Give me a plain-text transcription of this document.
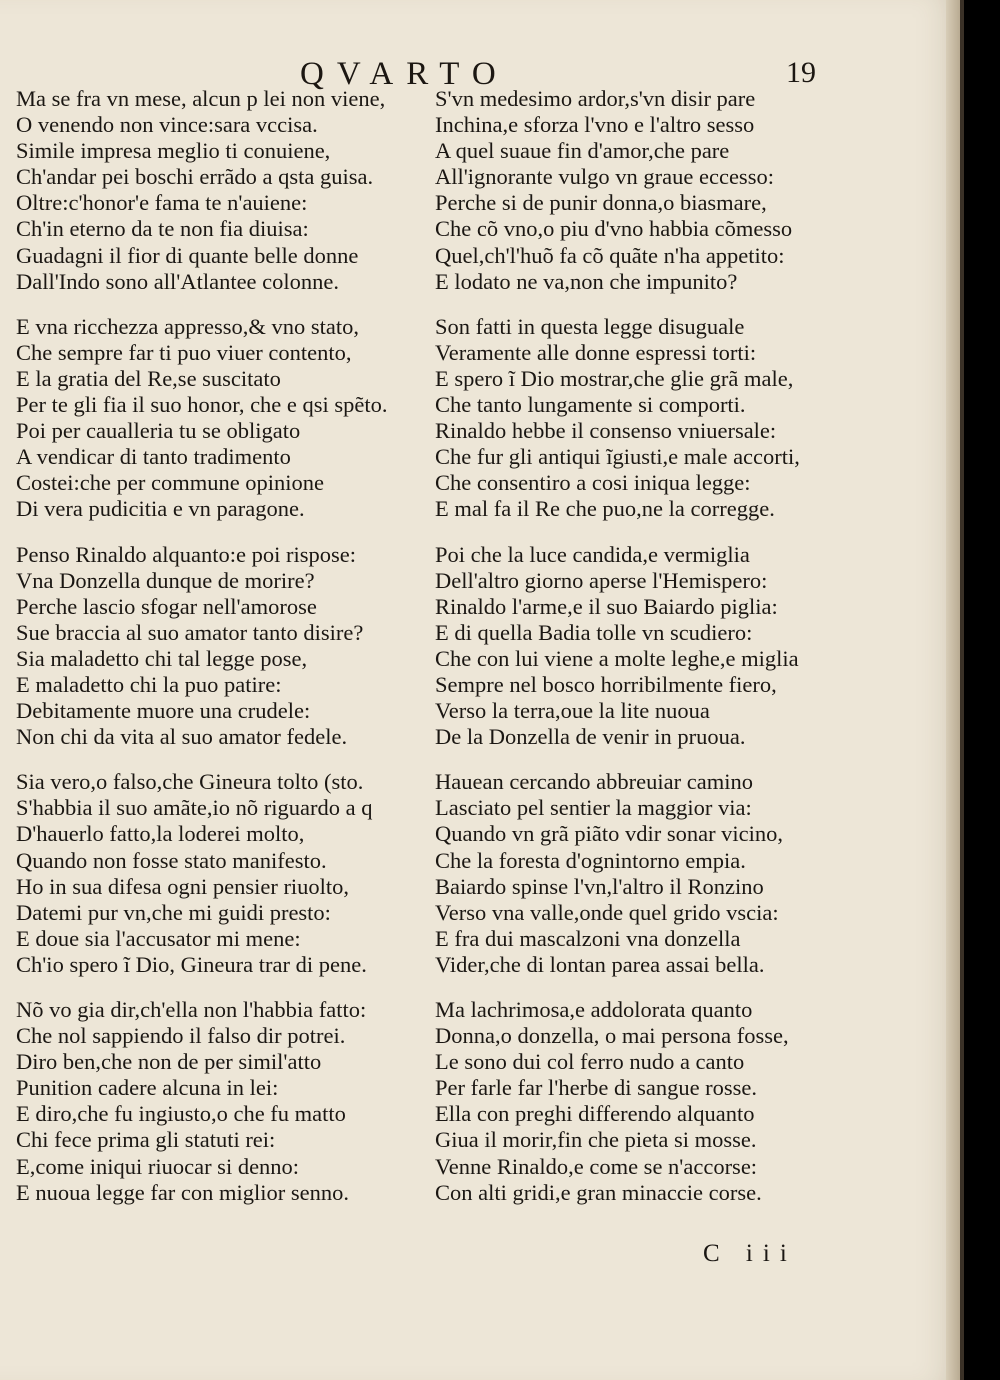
QVARTO	19
Ma se fra vn mese, alcun p lei non viene,
O venendo non vince:sara vccisa.
Simile impresa meglio ti conuiene,
Ch'andar pei boschi errãdo a qsta guisa.
Oltre:c'honor'e fama te n'auiene:
Ch'in eterno da te non fia diuisa:
Guadagni il fior di quante belle donne
Dall'Indo sono all'Atlantee colonne.
E vna ricchezza appresso,& vno stato,
Che sempre far ti puo viuer contento,
E la gratia del Re,se suscitato
Per te gli fia il suo honor, che e qsi spẽto.
Poi per caualleria tu se obligato
A vendicar di tanto tradimento
Costei:che per commune opinione
Di vera pudicitia e vn paragone.
Penso Rinaldo alquanto:e poi rispose:
Vna Donzella dunque de morire?
Perche lascio sfogar nell'amorose
Sue braccia al suo amator tanto disire?
Sia maladetto chi tal legge pose,
E maladetto chi la puo patire:
Debitamente muore una crudele:
Non chi da vita al suo amator fedele.
Sia vero,o falso,che Gineura tolto (sto.
S'habbia il suo amãte,io nõ riguardo a q
D'hauerlo fatto,la loderei molto,
Quando non fosse stato manifesto.
Ho in sua difesa ogni pensier riuolto,
Datemi pur vn,che mi guidi presto:
E doue sia l'accusator mi mene:
Ch'io spero ĩ Dio, Gineura trar di pene.
Nõ vo gia dir,ch'ella non l'habbia fatto:
Che nol sappiendo il falso dir potrei.
Diro ben,che non de per simil'atto
Punition cadere alcuna in lei:
E diro,che fu ingiusto,o che fu matto
Chi fece prima gli statuti rei:
E,come iniqui riuocar si denno:
E nuoua legge far con miglior senno.
S'vn medesimo ardor,s'vn disir pare
Inchina,e sforza l'vno e l'altro sesso
A quel suaue fin d'amor,che pare
All'ignorante vulgo vn graue eccesso:
Perche si de punir donna,o biasmare,
Che cõ vno,o piu d'vno habbia cõmesso
Quel,ch'l'huõ fa cõ quãte n'ha appetito:
E lodato ne va,non che impunito?
Son fatti in questa legge disuguale
Veramente alle donne espressi torti:
E spero ĩ Dio mostrar,che glie grã male,
Che tanto lungamente si comporti.
Rinaldo hebbe il consenso vniuersale:
Che fur gli antiqui ĩgiusti,e male accorti,
Che consentiro a cosi iniqua legge:
E mal fa il Re che puo,ne la corregge.
Poi che la luce candida,e vermiglia
Dell'altro giorno aperse l'Hemispero:
Rinaldo l'arme,e il suo Baiardo piglia:
E di quella Badia tolle vn scudiero:
Che con lui viene a molte leghe,e miglia
Sempre nel bosco horribilmente fiero,
Verso la terra,oue la lite nuoua
De la Donzella de venir in pruoua.
Hauean cercando abbreuiar camino
Lasciato pel sentier la maggior via:
Quando vn grã piãto vdir sonar vicino,
Che la foresta d'ognintorno empia.
Baiardo spinse l'vn,l'altro il Ronzino
Verso vna valle,onde quel grido vscia:
E fra dui mascalzoni vna donzella
Vider,che di lontan parea assai bella.
Ma lachrimosa,e addolorata quanto
Donna,o donzella, o mai persona fosse,
Le sono dui col ferro nudo a canto
Per farle far l'herbe di sangue rosse.
Ella con preghi differendo alquanto
Giua il morir,fin che pieta si mosse.
Venne Rinaldo,e come se n'accorse:
Con alti gridi,e gran minaccie corse.
C iii
